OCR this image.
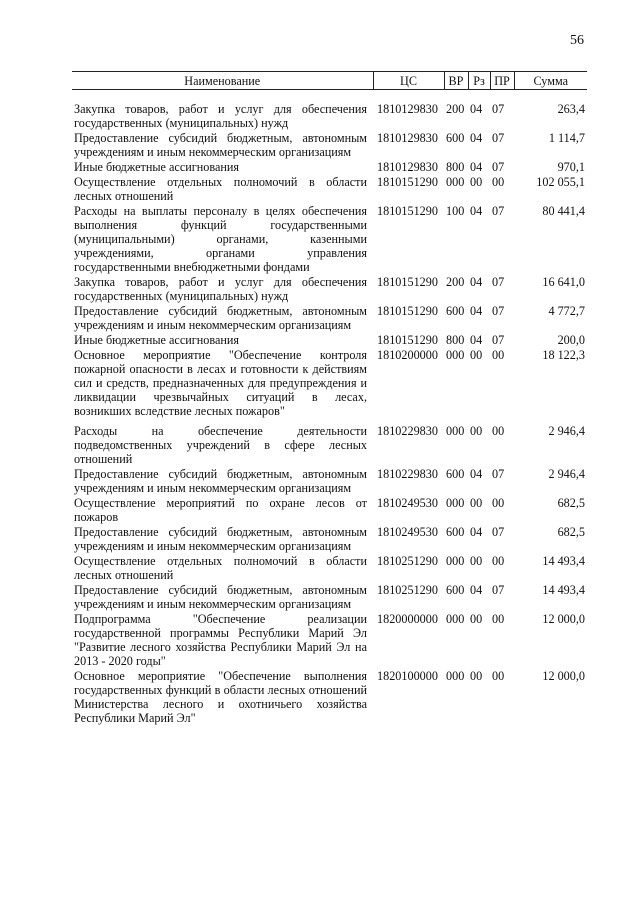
56
Наименование	ЦС	ВР	Рз	ПР	Сумма
Закупка товаров, работ и услуг для обеспечения государственных (муниципальных) нужд	1810129830	200	04	07	263,4
Предоставление субсидий бюджетным, автономным учреждениям и иным некоммерческим организациям	1810129830	600	04	07	1 114,7
Иные бюджетные ассигнования	1810129830	800	04	07	970,1
Осуществление отдельных полномочий в области лесных отношений	1810151290	000	00	00	102 055,1
Расходы на выплаты персоналу в целях обеспечения выполнения функций государственными (муниципальными) органами, казенными учреждениями, органами управления государственными внебюджетными фондами	1810151290	100	04	07	80 441,4
Закупка товаров, работ и услуг для обеспечения государственных (муниципальных) нужд	1810151290	200	04	07	16 641,0
Предоставление субсидий бюджетным, автономным учреждениям и иным некоммерческим организациям	1810151290	600	04	07	4 772,7
Иные бюджетные ассигнования	1810151290	800	04	07	200,0
Основное мероприятие "Обеспечение контроля пожарной опасности в лесах и готовности к действиям сил и средств, предназначенных для предупреждения и ликвидации чрезвычайных ситуаций в лесах, возникших вследствие лесных пожаров"	1810200000	000	00	00	18 122,3
Расходы на обеспечение деятельности подведомственных учреждений в сфере лесных отношений	1810229830	000	00	00	2 946,4
Предоставление субсидий бюджетным, автономным учреждениям и иным некоммерческим организациям	1810229830	600	04	07	2 946,4
Осуществление мероприятий по охране лесов от пожаров	1810249530	000	00	00	682,5
Предоставление субсидий бюджетным, автономным учреждениям и иным некоммерческим организациям	1810249530	600	04	07	682,5
Осуществление отдельных полномочий в области лесных отношений	1810251290	000	00	00	14 493,4
Предоставление субсидий бюджетным, автономным учреждениям и иным некоммерческим организациям	1810251290	600	04	07	14 493,4
Подпрограмма "Обеспечение реализации государственной программы Республики Марий Эл "Развитие лесного хозяйства Республики Марий Эл на 2013 - 2020 годы"	1820000000	000	00	00	12 000,0
Основное мероприятие "Обеспечение выполнения государственных функций в области лесных отношений Министерства лесного и охотничьего хозяйства Республики Марий Эл"	1820100000	000	00	00	12 000,0
